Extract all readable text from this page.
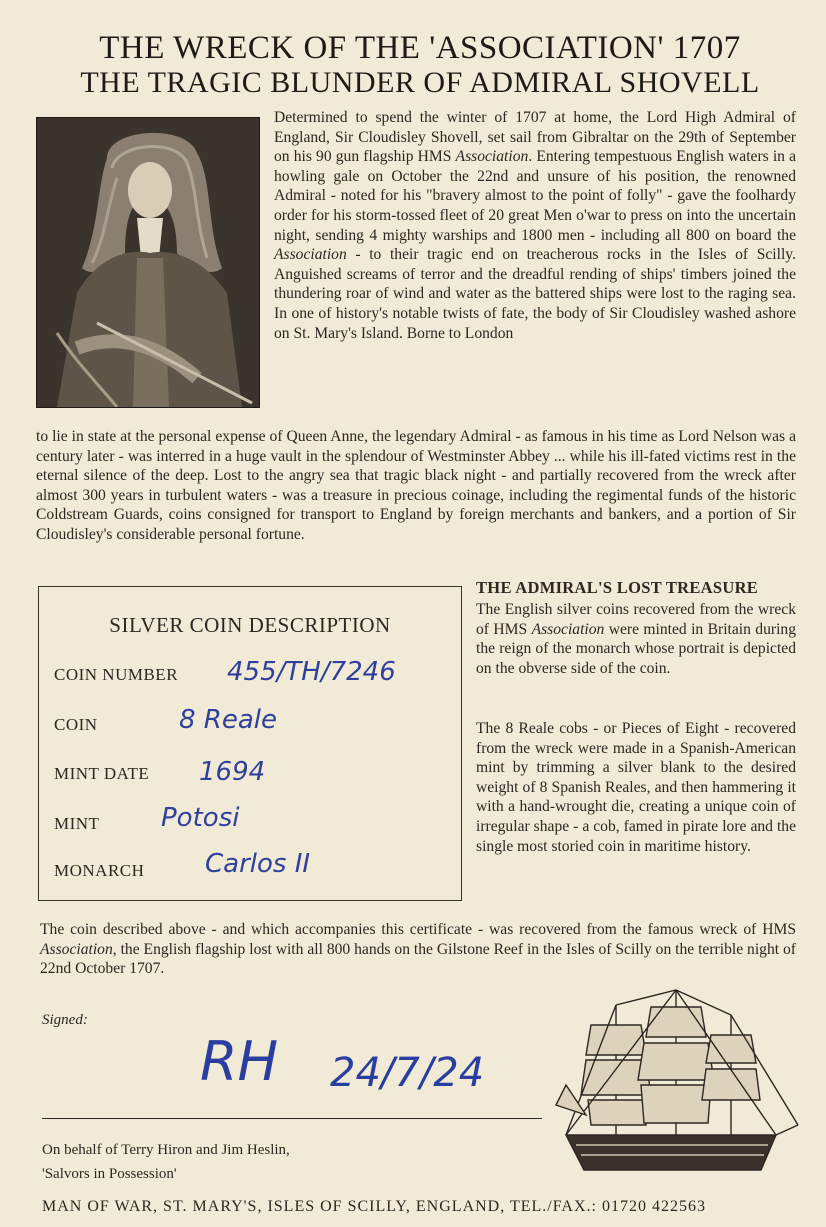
THE WRECK OF THE 'ASSOCIATION' 1707
THE TRAGIC BLUNDER OF ADMIRAL SHOVELL

Determined to spend the winter of 1707 at home, the Lord High Admiral of England, Sir Cloudisley Shovell, set sail from Gibraltar on the 29th of September on his 90 gun flagship HMS Association. Entering tempestuous English waters in a howling gale on October the 22nd and unsure of his position, the renowned Admiral - noted for his "bravery almost to the point of folly" - gave the foolhardy order for his storm-tossed fleet of 20 great Men o'war to press on into the uncertain night, sending 4 mighty warships and 1800 men - including all 800 on board the Association - to their tragic end on treacherous rocks in the Isles of Scilly. Anguished screams of terror and the dreadful rending of ships' timbers joined the thundering roar of wind and water as the battered ships were lost to the raging sea. In one of history's notable twists of fate, the body of Sir Cloudisley washed ashore on St. Mary's Island. Borne to London

to lie in state at the personal expense of Queen Anne, the legendary Admiral - as famous in his time as Lord Nelson was a century later - was interred in a huge vault in the splendour of Westminster Abbey ... while his ill-fated victims rest in the eternal silence of the deep. Lost to the angry sea that tragic black night - and partially recovered from the wreck after almost 300 years in turbulent waters - was a treasure in precious coinage, including the regimental funds of the historic Coldstream Guards, coins consigned for transport to England by foreign merchants and bankers, and a portion of Sir Cloudisley's considerable personal fortune.

SILVER COIN DESCRIPTION
COIN NUMBER 455/TH/7246
COIN	8 Reale
MINT DATE 1694
MINT Potosi
MONARCH Carlos II
THE ADMIRAL'S LOST TREASURE

The English silver coins recovered from the wreck of HMS Association were minted in Britain during the reign of the monarch whose portrait is depicted on the obverse side of the coin.

The 8 Reale cobs - or Pieces of Eight - recovered from the wreck were made in a Spanish-American mint by trimming a silver blank to the desired weight of 8 Spanish Reales, and then hammering it with a hand-wrought die, creating a unique coin of irregular shape - a cob, famed in pirate lore and the single most storied coin in maritime history.

The coin described above - and which accompanies this certificate - was recovered from the famous wreck of HMS Association, the English flagship lost with all 800 hands on the Gilstone Reef in the Isles of Scilly on the terrible night of 22nd October 1707.

Signed:
RH 24/7/24
On behalf of Terry Hiron and Jim Heslin,
'Salvors in Possession'
MAN OF WAR, ST. MARY'S, ISLES OF SCILLY, ENGLAND, TEL./FAX.: 01720 422563
